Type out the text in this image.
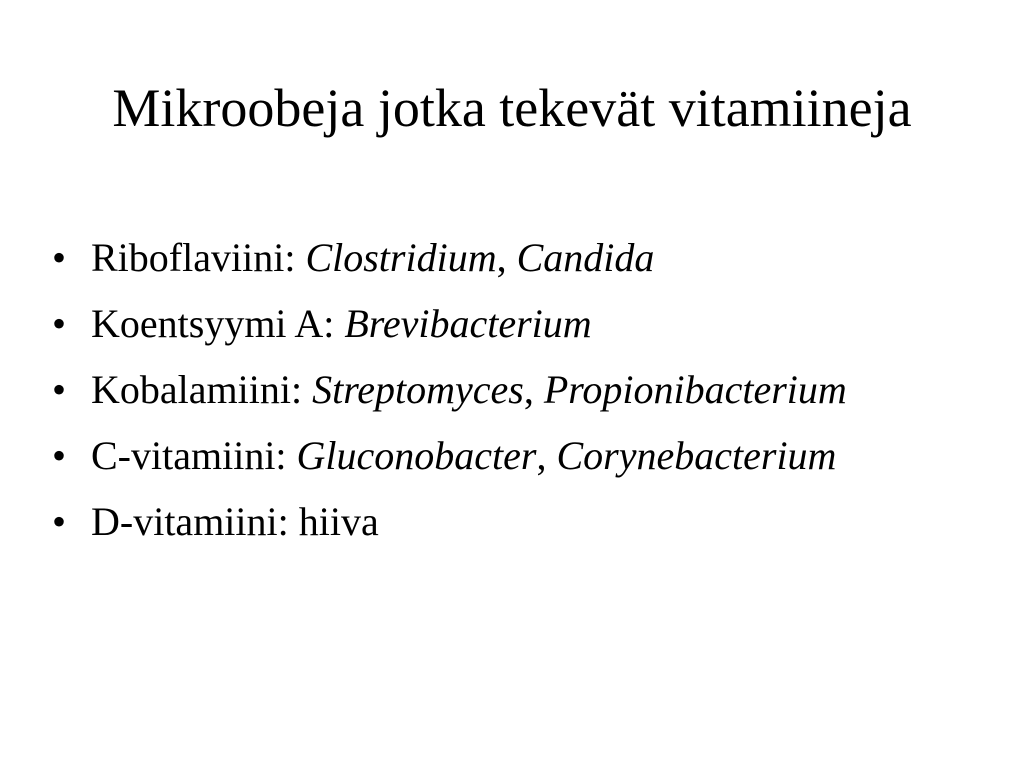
Mikroobeja jotka tekevät vitamiineja
• Riboflaviini: Clostridium, Candida
• Koentsyymi A: Brevibacterium
• Kobalamiini: Streptomyces, Propionibacterium
• C-vitamiini: Gluconobacter, Corynebacterium
• D-vitamiini: hiiva
